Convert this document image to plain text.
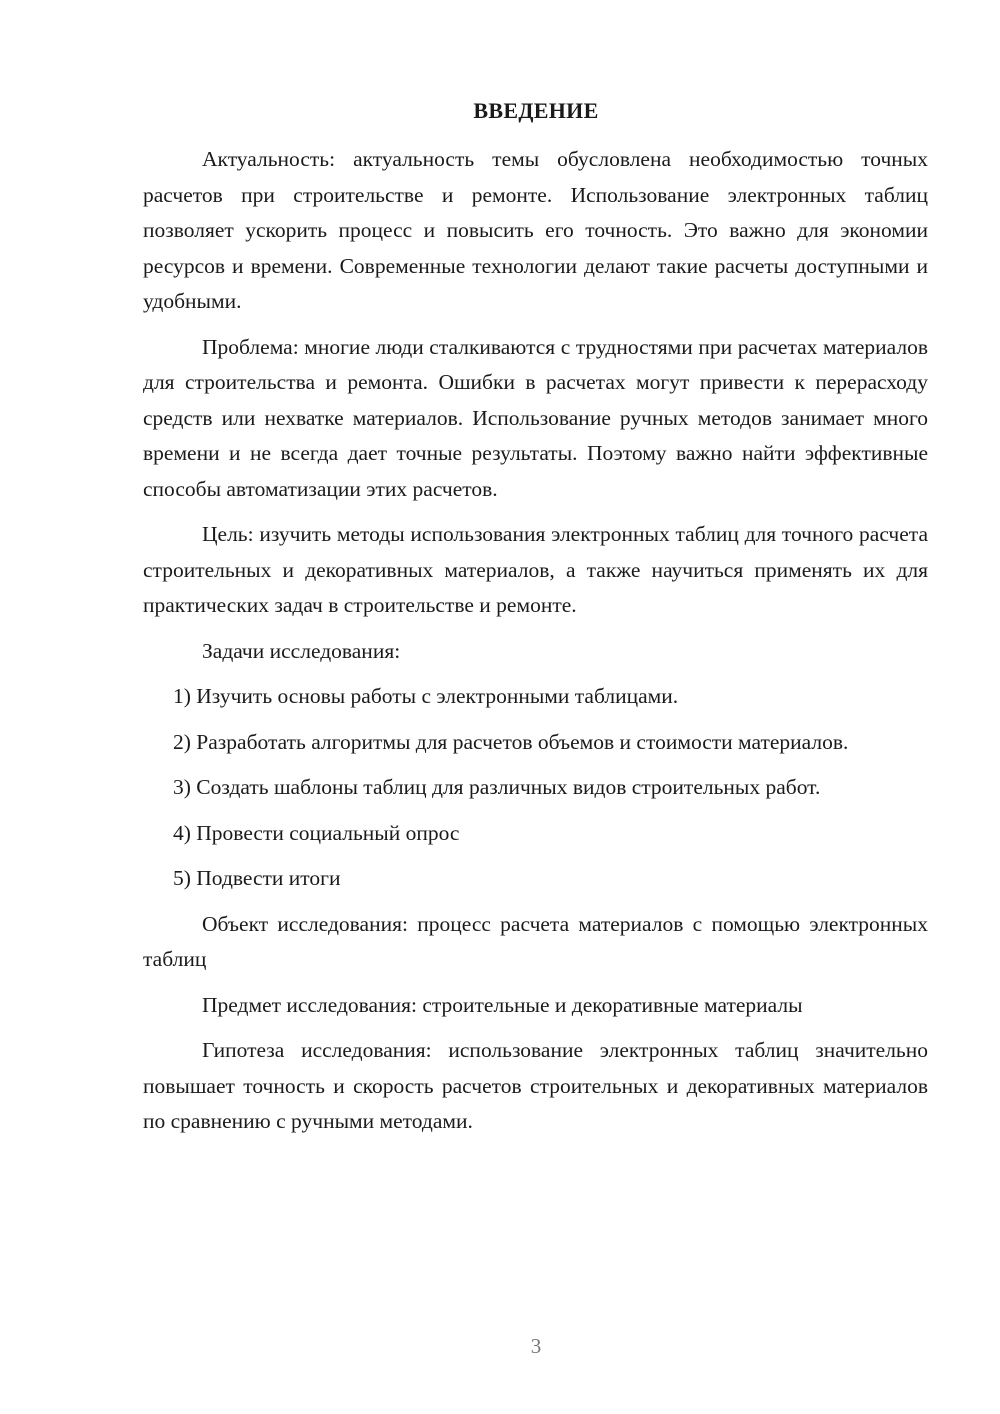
ВВЕДЕНИЕ

Актуальность: актуальность темы обусловлена необходимостью точных расчетов при строительстве и ремонте. Использование электронных таблиц позволяет ускорить процесс и повысить его точность. Это важно для экономии ресурсов и времени. Современные технологии делают такие расчеты доступными и удобными.

Проблема: многие люди сталкиваются с трудностями при расчетах материалов для строительства и ремонта. Ошибки в расчетах могут привести к перерасходу средств или нехватке материалов. Использование ручных методов занимает много времени и не всегда дает точные результаты. Поэтому важно найти эффективные способы автоматизации этих расчетов.

Цель: изучить методы использования электронных таблиц для точного расчета строительных и декоративных материалов, а также научиться применять их для практических задач в строительстве и ремонте.

Задачи исследования:

1) Изучить основы работы с электронными таблицами.

2) Разработать алгоритмы для расчетов объемов и стоимости материалов.

3) Создать шаблоны таблиц для различных видов строительных работ.

4) Провести социальный опрос

5) Подвести итоги

Объект исследования: процесс расчета материалов с помощью электронных таблиц

Предмет исследования: строительные и декоративные материалы

Гипотеза исследования: использование электронных таблиц значительно повышает точность и скорость расчетов строительных и декоративных материалов по сравнению с ручными методами.

3
